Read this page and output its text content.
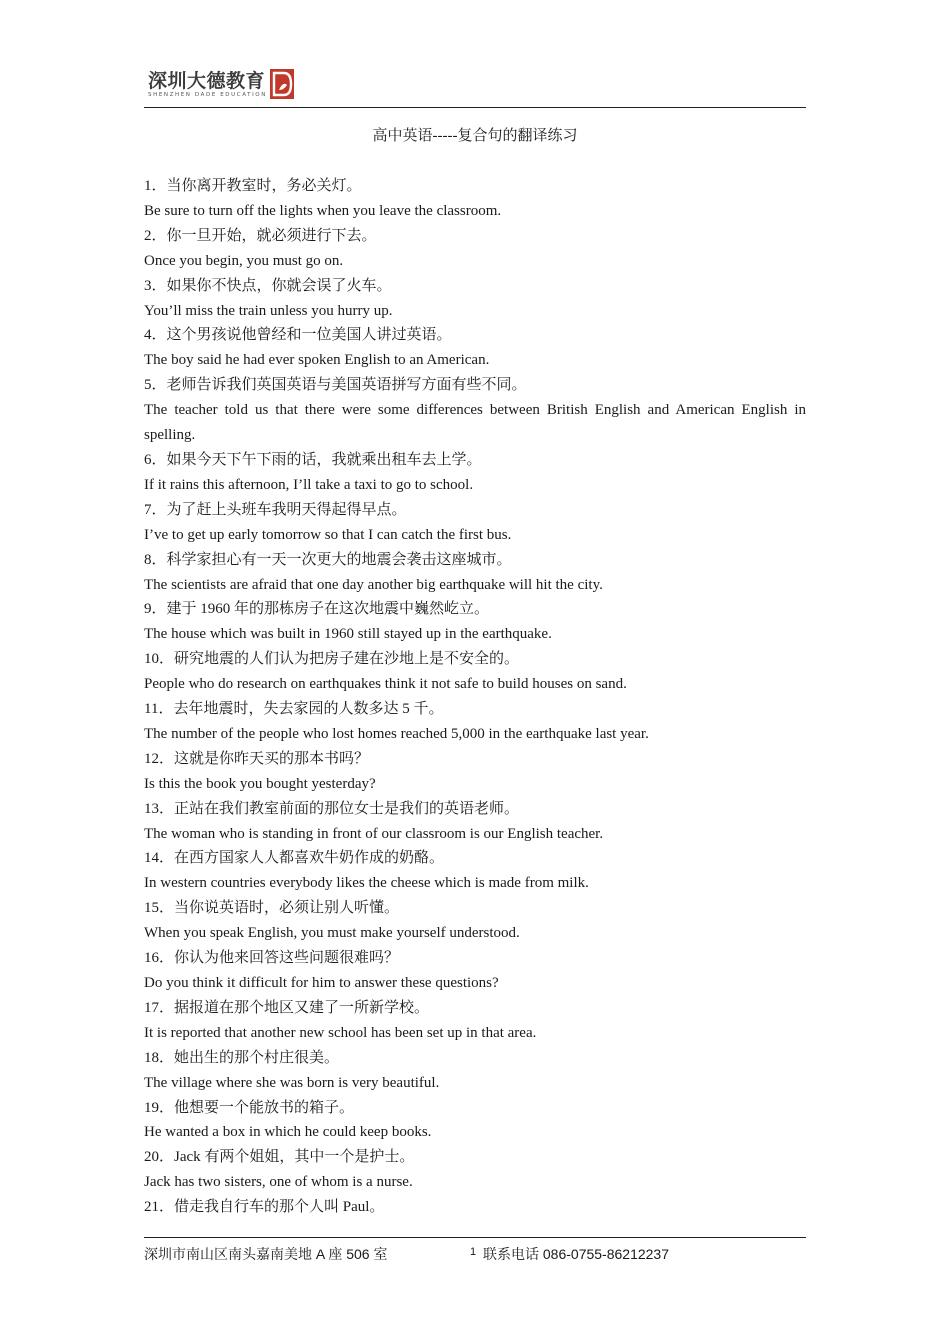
深圳大德教育
SHENZHEN DADE EDUCATION
高中英语-----复合句的翻译练习

1．当你离开教室时，务必关灯。

Be sure to turn off the lights when you leave the classroom.

2．你一旦开始，就必须进行下去。

Once you begin, you must go on.

3．如果你不快点，你就会误了火车。

You’ll miss the train unless you hurry up.

4．这个男孩说他曾经和一位美国人讲过英语。

The boy said he had ever spoken English to an American.

5．老师告诉我们英国英语与美国英语拼写方面有些不同。

The teacher told us that there were some differences between British English and American English in spelling.

6．如果今天下午下雨的话，我就乘出租车去上学。

If it rains this afternoon, I’ll take a taxi to go to school.

7．为了赶上头班车我明天得起得早点。

I’ve to get up early tomorrow so that I can catch the first bus.

8．科学家担心有一天一次更大的地震会袭击这座城市。

The scientists are afraid that one day another big earthquake will hit the city.

9．建于 1960 年的那栋房子在这次地震中巍然屹立。

The house which was built in 1960 still stayed up in the earthquake.

10．研究地震的人们认为把房子建在沙地上是不安全的。

People who do research on earthquakes think it not safe to build houses on sand.

11．去年地震时，失去家园的人数多达 5 千。

The number of the people who lost homes reached 5,000 in the earthquake last year.

12．这就是你昨天买的那本书吗？

Is this the book you bought yesterday?

13．正站在我们教室前面的那位女士是我们的英语老师。

The woman who is standing in front of our classroom is our English teacher.

14．在西方国家人人都喜欢牛奶作成的奶酪。

In western countries everybody likes the cheese which is made from milk.

15．当你说英语时，必须让别人听懂。

When you speak English, you must make yourself understood.

16．你认为他来回答这些问题很难吗？

Do you think it difficult for him to answer these questions?

17．据报道在那个地区又建了一所新学校。

It is reported that another new school has been set up in that area.

18．她出生的那个村庄很美。

The village where she was born is very beautiful.

19．他想要一个能放书的箱子。

He wanted a box in which he could keep books.

20．Jack 有两个姐姐，其中一个是护士。

Jack has two sisters, one of whom is a nurse.

21．借走我自行车的那个人叫 Paul。

深圳市南山区南头嘉南美地 A 座 506 室	1 联系电话 086-0755-86212237
